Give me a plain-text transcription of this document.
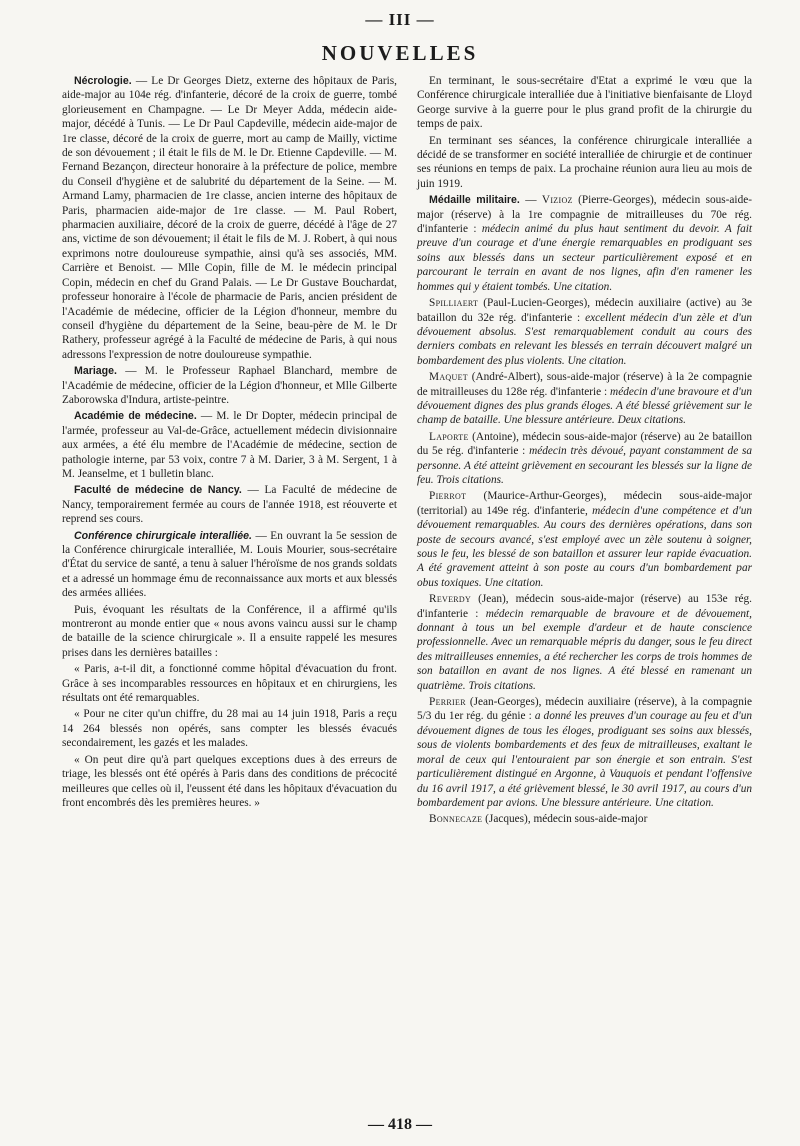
— III —
NOUVELLES

Nécrologie. — Le Dr Georges Dietz, externe des hôpitaux de Paris, aide-major au 104e rég. d'infanterie, décoré de la croix de guerre, tombé glorieusement en Champagne. — Le Dr Meyer Adda, médecin aide-major, décédé à Tunis. — Le Dr Paul Capdeville, médecin aide-major de 1re classe, décoré de la croix de guerre, mort au camp de Mailly, victime de son dévouement ; il était le fils de M. le Dr. Etienne Capdeville. — M. Fernand Bezançon, directeur honoraire à la préfecture de police, membre du Conseil d'hygiène et de salubrité du département de la Seine. — M. Armand Lamy, pharmacien de 1re classe, ancien interne des hôpitaux de Paris, pharmacien aide-major de 1re classe. — M. Paul Robert, pharmacien auxiliaire, décoré de la croix de guerre, décédé à l'âge de 27 ans, victime de son dévouement; il était le fils de M. J. Robert, à qui nous exprimons notre douloureuse sympathie, ainsi qu'à ses associés, MM. Carrière et Benoist. — Mlle Copin, fille de M. le médecin principal Copin, médecin en chef du Grand Palais. — Le Dr Gustave Bouchardat, professeur honoraire à l'école de pharmacie de Paris, ancien président de l'Académie de médecine, officier de la Légion d'honneur, membre du conseil d'hygiène du département de la Seine, beau-père de M. le Dr Rathery, professeur agrégé à la Faculté de médecine de Paris, à qui nous adressons l'expression de notre douloureuse sympathie.

Mariage. — M. le Professeur Raphael Blanchard, membre de l'Académie de médecine, officier de la Légion d'honneur, et Mlle Gilberte Zaborowska d'Indura, artiste-peintre.

Académie de médecine. — M. le Dr Dopter, médecin principal de l'armée, professeur au Val-de-Grâce, actuellement médecin divisionnaire aux armées, a été élu membre de l'Académie de médecine, section de pathologie interne, par 53 voix, contre 7 à M. Darier, 3 à M. Sergent, 1 à M. Jeanselme, et 1 bulletin blanc.

Faculté de médecine de Nancy. — La Faculté de médecine de Nancy, temporairement fermée au cours de l'année 1918, est réouverte et reprend ses cours.

Conférence chirurgicale interalliée. — En ouvrant la 5e session de la Conférence chirurgicale interalliée, M. Louis Mourier, sous-secrétaire d'État du service de santé, a tenu à saluer l'héroïsme de nos grands soldats et a adressé un hommage ému de reconnaissance aux morts et aux blessés des armées alliées.

Puis, évoquant les résultats de la Conférence, il a affirmé qu'ils montreront au monde entier que « nous avons vaincu aussi sur le champ de bataille de la science chirurgicale ». Il a ensuite rappelé les mesures prises dans les dernières batailles :

« Paris, a-t-il dit, a fonctionné comme hôpital d'évacuation du front. Grâce à ses incomparables ressources en hôpitaux et en chirurgiens, les résultats ont été remarquables.

« Pour ne citer qu'un chiffre, du 28 mai au 14 juin 1918, Paris a reçu 14 264 blessés non opérés, sans compter les blessés évacués secondairement, les gazés et les malades.

« On peut dire qu'à part quelques exceptions dues à des erreurs de triage, les blessés ont été opérés à Paris dans des conditions de précocité meilleures que celles où il, l'eussent été dans les hôpitaux d'évacuation du front encombrés dès les premières heures. »

En terminant, le sous-secrétaire d'Etat a exprimé le vœu que la Conférence chirurgicale interalliée due à l'initiative bienfaisante de Lloyd George survive à la guerre pour le plus grand profit de la chirurgie du temps de paix.

En terminant ses séances, la conférence chirurgicale interalliée a décidé de se transformer en société interalliée de chirurgie et de continuer ses réunions en temps de paix. La prochaine réunion aura lieu au mois de juin 1919.

Médaille militaire. — Vizioz (Pierre-Georges), médecin sous-aide-major (réserve) à la 1re compagnie de mitrailleuses du 70e rég. d'infanterie : médecin animé du plus haut sentiment du devoir. A fait preuve d'un courage et d'une énergie remarquables en prodiguant ses soins aux blessés dans un secteur particulièrement exposé et en parcourant le terrain en avant de nos lignes, afin d'en ramener les hommes qui y étaient tombés. Une citation.

Spilliaert (Paul-Lucien-Georges), médecin auxiliaire (active) au 3e bataillon du 32e rég. d'infanterie : excellent médecin d'un zèle et d'un dévouement absolus. S'est remarquablement conduit au cours des derniers combats en relevant les blessés en terrain découvert malgré un bombardement des plus violents. Une citation.

Maquet (André-Albert), sous-aide-major (réserve) à la 2e compagnie de mitrailleuses du 128e rég. d'infanterie : médecin d'une bravoure et d'un dévouement dignes des plus grands éloges. A été blessé grièvement sur le champ de bataille. Une blessure antérieure. Deux citations.

Laporte (Antoine), médecin sous-aide-major (réserve) au 2e bataillon du 5e rég. d'infanterie : médecin très dévoué, payant constamment de sa personne. A été atteint grièvement en secourant les blessés sur la ligne de feu. Trois citations.

Pierrot (Maurice-Arthur-Georges), médecin sous-aide-major (territorial) au 149e rég. d'infanterie, médecin d'une compétence et d'un dévouement remarquables. Au cours des dernières opérations, dans son poste de secours avancé, s'est employé avec un zèle soutenu à soigner, sous le feu, les blessé de son bataillon et assurer leur rapide évacuation. A été gravement atteint à son poste au cours d'un bombardement par obus toxiques. Une citation.

Reverdy (Jean), médecin sous-aide-major (réserve) au 153e rég. d'infanterie : médecin remarquable de bravoure et de dévouement, donnant à tous un bel exemple d'ardeur et de haute conscience professionnelle. Avec un remarquable mépris du danger, sous le feu direct des mitrailleuses ennemies, a été rechercher les corps de trois hommes de son bataillon en avant de nos lignes. A été blessé en ramenant un quatrième. Trois citations.

Perrier (Jean-Georges), médecin auxiliaire (réserve), à la compagnie 5/3 du 1er rég. du génie : a donné les preuves d'un courage au feu et d'un dévouement dignes de tous les éloges, prodiguant ses soins aux blessés, sous de violents bombardements et des feux de mitrailleuses, exaltant le moral de ceux qui l'entouraient par son énergie et son entrain. S'est particulièrement distingué en Argonne, à Vauquois et pendant l'offensive du 16 avril 1917, a été grièvement blessé, le 30 avril 1917, au cours d'un bombardement par avions. Une blessure antérieure. Une citation.

Bonnecaze (Jacques), médecin sous-aide-major

— 418 —
